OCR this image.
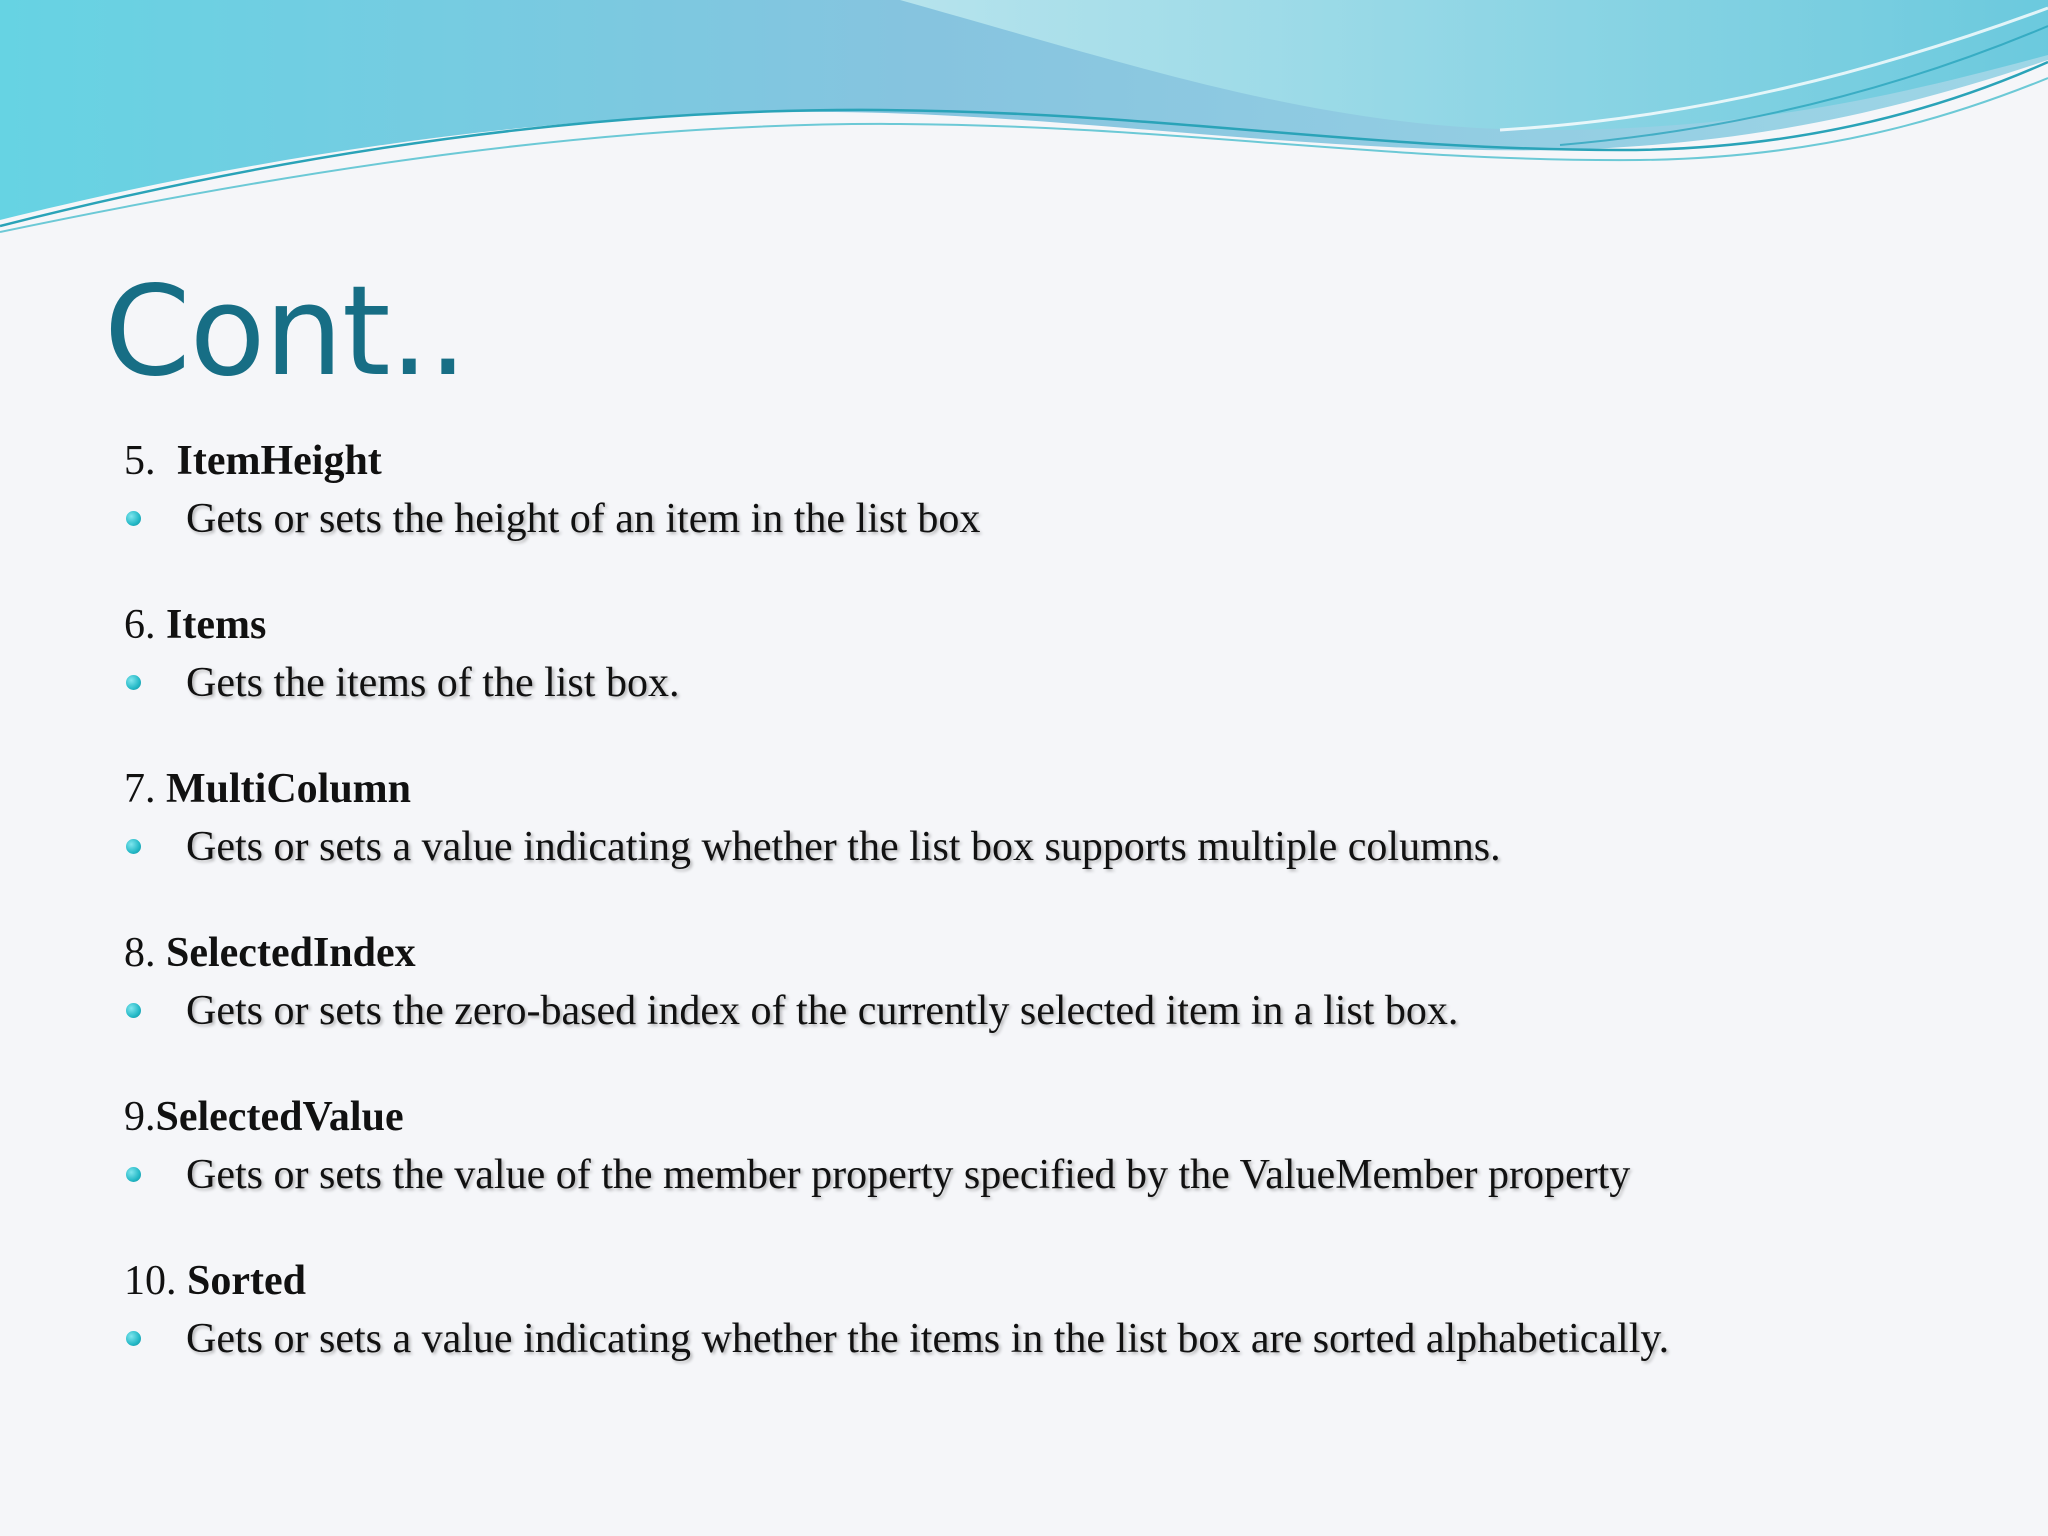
Cont..
5.  ItemHeight
Gets or sets the height of an item in the list box
6. Items
Gets the items of the list box.
7. MultiColumn
Gets or sets a value indicating whether the list box supports multiple columns.
8. SelectedIndex
Gets or sets the zero-based index of the currently selected item in a list box.
9.SelectedValue
Gets or sets the value of the member property specified by the ValueMember property
10. Sorted
Gets or sets a value indicating whether the items in the list box are sorted alphabetically.
